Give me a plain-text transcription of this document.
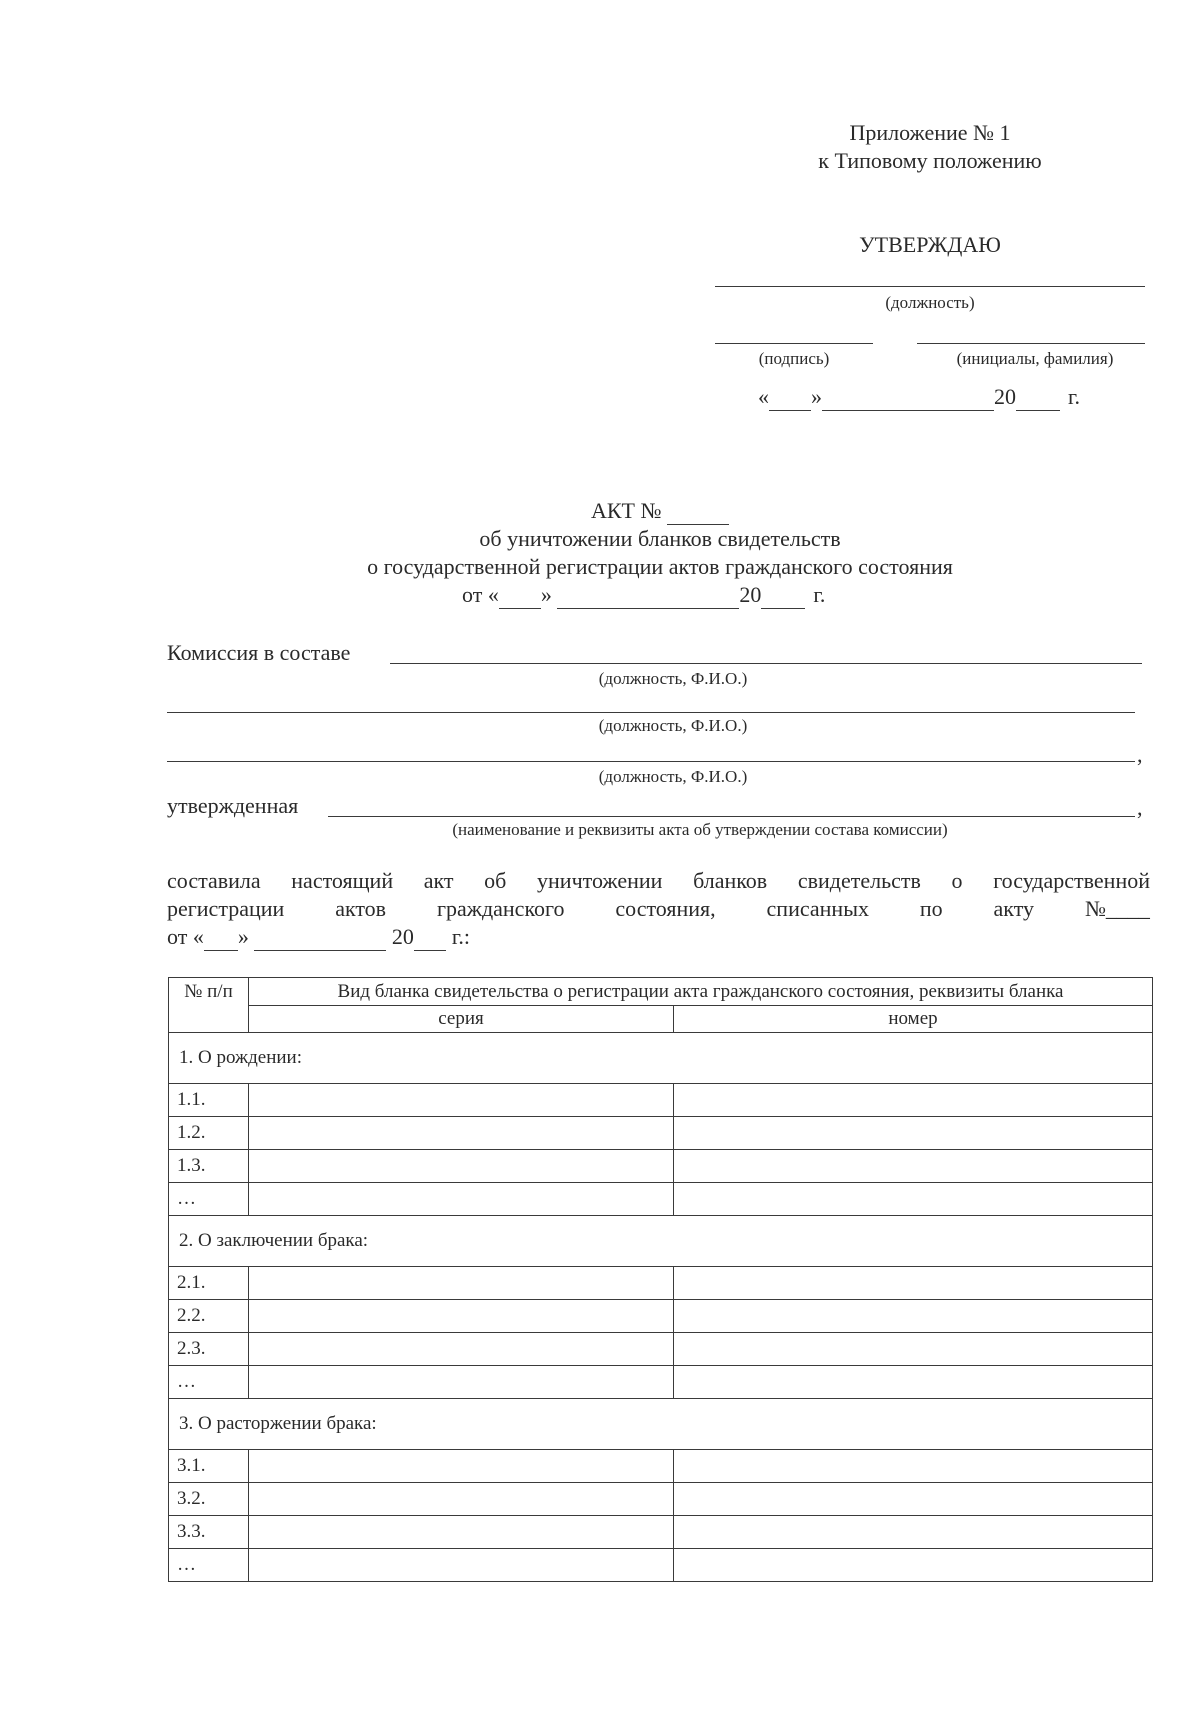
Приложение № 1
к Типовому положению
УТВЕРЖДАЮ
(должность)
(подпись)	(инициалы, фамилия)
« »	20 г.
АКТ №
об уничтожении бланков свидетельств
о государственной регистрации актов гражданского состояния
от « »	20 г.
Комиссия в составе
(должность, Ф.И.О.)
(должность, Ф.И.О.)
,
(должность, Ф.И.О.)
утвержденная	,
(наименование и реквизиты акта об утверждении состава комиссии)
составила настоящий акт об уничтожении бланков свидетельств о государственной
регистрации актов гражданского состояния, списанных по акту №____
от « »	20 г.:
№ п/п	Вид бланка свидетельства о регистрации акта гражданского состояния, реквизиты бланка	
	серия	номер
1. О рождении:		
1.1.		
1.2.		
1.3.		
…		
2. О заключении брака:		
2.1.		
2.2.		
2.3.		
…		
3. О расторжении брака:		
3.1.		
3.2.		
3.3.		
…		
